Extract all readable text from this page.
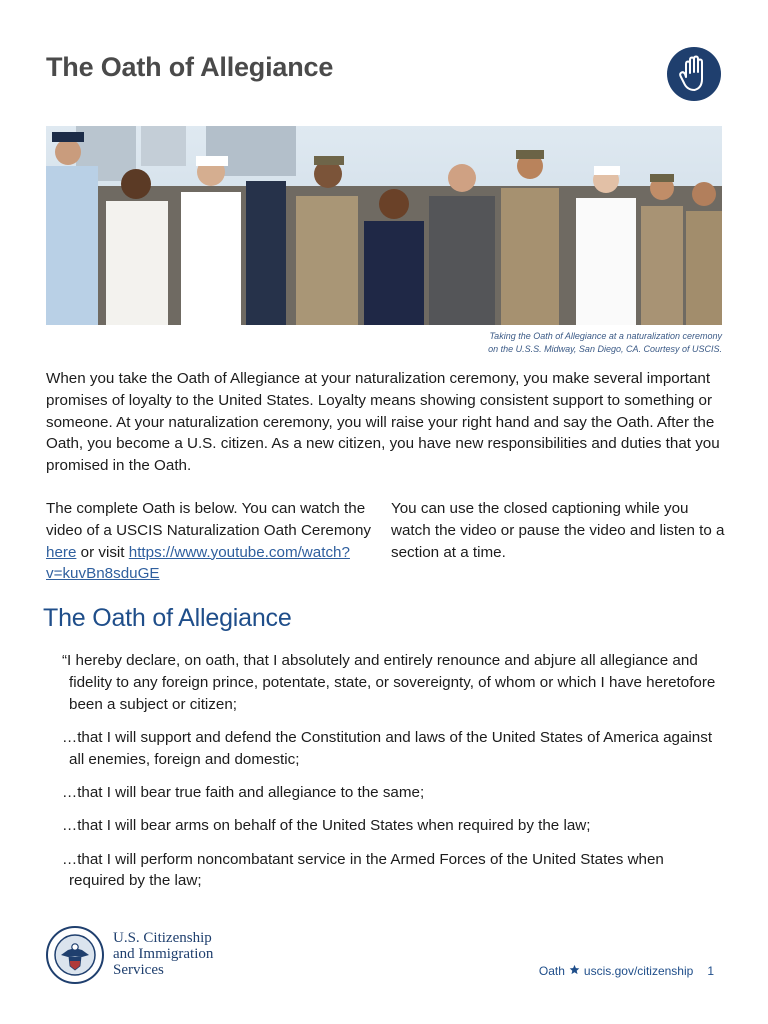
The Oath of Allegiance
Taking the Oath of Allegiance at a naturalization ceremony
on the U.S.S. Midway, San Diego, CA. Courtesy of USCIS.

When you take the Oath of Allegiance at your naturalization ceremony, you make several important promises of loyalty to the United States. Loyalty means showing consistent support to something or someone. At your naturalization ceremony, you will raise your right hand and say the Oath. After the Oath, you become a U.S. citizen. As a new citizen, you have new responsibilities and duties that you promised in the Oath.

The complete Oath is below. You can watch the video of a USCIS Naturalization Oath Ceremony here or visit https://www.youtube.com/watch?v=kuvBn8sduGE

You can use the closed captioning while you watch the video or pause the video and listen to a section at a time.

The Oath of Allegiance
“I hereby declare, on oath, that I absolutely and entirely renounce and abjure all allegiance and fidelity to any foreign prince, potentate, state, or sovereignty, of whom or which I have heretofore been a subject or citizen;
…that I will support and defend the Constitution and laws of the United States of America against all enemies, foreign and domestic;
…that I will bear true faith and allegiance to the same;
…that I will bear arms on behalf of the United States when required by the law;
…that I will perform noncombatant service in the Armed Forces of the United States when required by the law;
U.S. Citizenship
and Immigration
Services	Oath uscis.gov/citizenship 1
